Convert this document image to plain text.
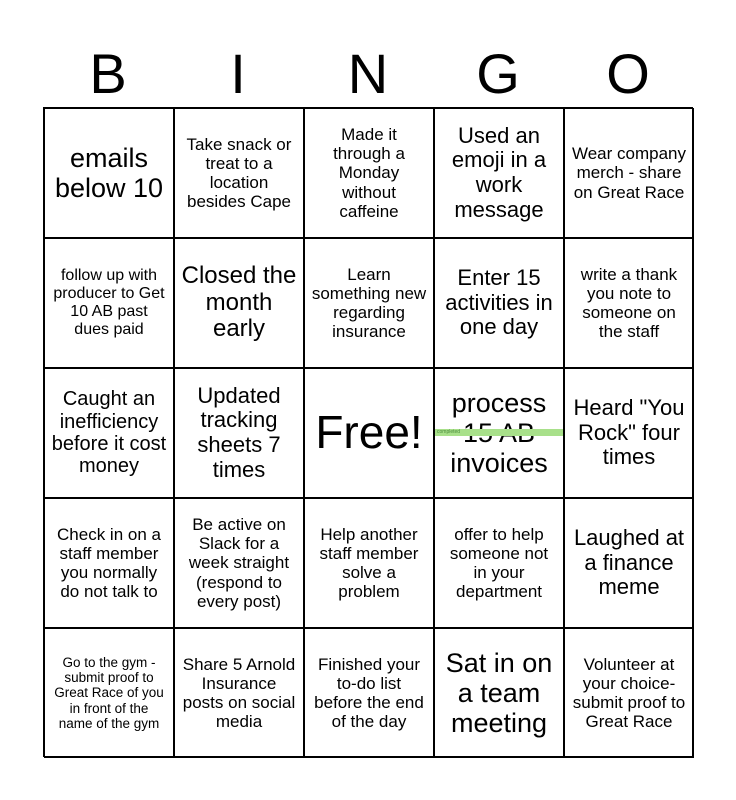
B	I	N	G	O
emails below 10
Take snack or treat to a location besides Cape
Made it through a Monday without caffeine
Used an emoji in a work message
Wear company merch - share on Great Race
follow up with producer to Get 10 AB past dues paid
Closed the month early
Learn something new regarding insurance
Enter 15 activities in one day
write a thank you note to someone on the staff
Caught an inefficiency before it cost money
Updated tracking sheets 7 times
Free!
process invoices
completed
Heard "You Rock" four times
Check in on a staff member you normally do not talk to
Be active on Slack for a week straight (respond to every post)
Help another staff member solve a problem
offer to help someone not in your department
Laughed at a finance meme
Go to the gym - submit proof to Great Race of you in front of the name of the gym
Share 5 Arnold Insurance posts on social media
Finished your to-do list before the end of the day
Sat in on a team meeting
Volunteer at your choice- submit proof to Great Race
